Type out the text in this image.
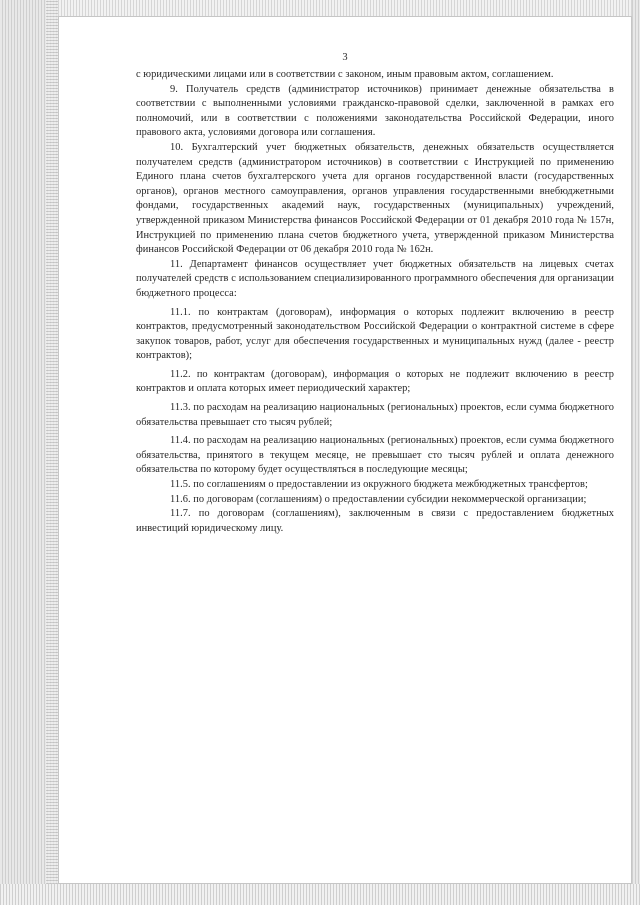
3

с юридическими лицами или в соответствии с законом, иным правовым актом, соглашением.

9. Получатель средств (администратор источников) принимает денежные обязательства в соответствии с выполненными условиями гражданско-правовой сделки, заключенной в рамках его полномочий, или в соответствии с положениями законодательства Российской Федерации, иного правового акта, условиями договора или соглашения.

10. Бухгалтерский учет бюджетных обязательств, денежных обязательств осуществляется получателем средств (администратором источников) в соответствии с Инструкцией по применению Единого плана счетов бухгалтерского учета для органов государственной власти (государственных органов), органов местного самоуправления, органов управления государственными внебюджетными фондами, государственных академий наук, государственных (муниципальных) учреждений, утвержденной приказом Министерства финансов Российской Федерации от 01 декабря 2010 года № 157н, Инструкцией по применению плана счетов бюджетного учета, утвержденной приказом Министерства финансов Российской Федерации от 06 декабря 2010 года № 162н.

11. Департамент финансов осуществляет учет бюджетных обязательств на лицевых счетах получателей средств с использованием специализированного программного обеспечения для организации бюджетного процесса:

11.1. по контрактам (договорам), информация о которых подлежит включению в реестр контрактов, предусмотренный законодательством Российской Федерации о контрактной системе в сфере закупок товаров, работ, услуг для обеспечения государственных и муниципальных нужд (далее - реестр контрактов);

11.2. по контрактам (договорам), информация о которых не подлежит включению в реестр контрактов и оплата которых имеет периодический характер;

11.3. по расходам на реализацию национальных (региональных) проектов, если сумма бюджетного обязательства превышает сто тысяч рублей;

11.4. по расходам на реализацию национальных (региональных) проектов, если сумма бюджетного обязательства, принятого в текущем месяце, не превышает сто тысяч рублей и оплата денежного обязательства по которому будет осуществляться в последующие месяцы;

11.5. по соглашениям о предоставлении из окружного бюджета межбюджетных трансфертов;

11.6. по договорам (соглашениям) о предоставлении субсидии некоммерческой организации;

11.7. по договорам (соглашениям), заключенным в связи с предоставлением бюджетных инвестиций юридическому лицу.
